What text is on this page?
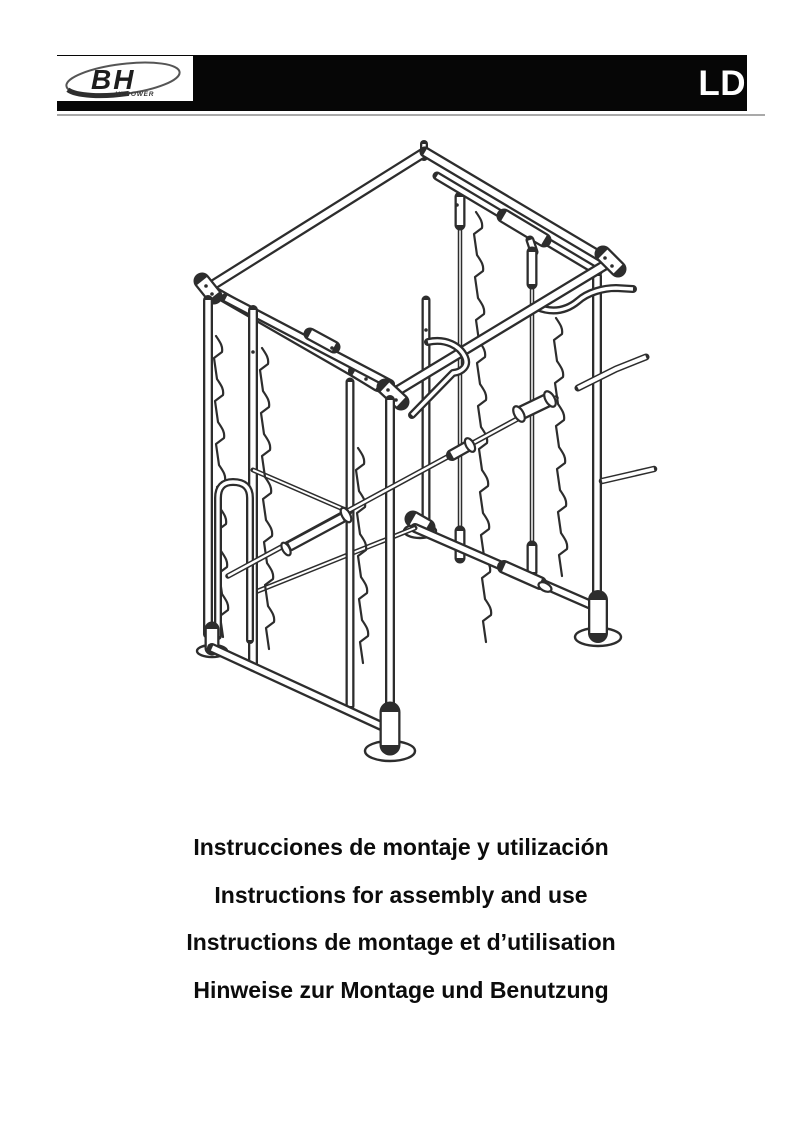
BH
HI POWER	LD
Instrucciones de montaje y utilización
Instructions for assembly and use
Instructions de montage et d’utilisation
Hinweise zur Montage und Benutzung
